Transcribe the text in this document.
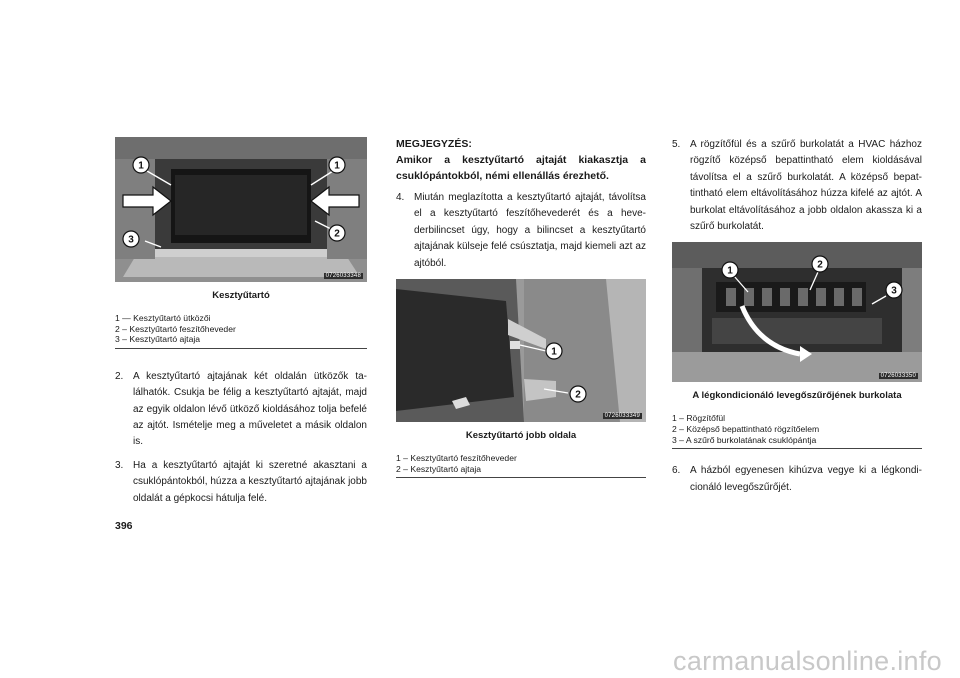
1	1
2
3
0726033348
Kesztyűtartó
1 — Kesztyűtartó ütközői
2 – Kesztyűtartó feszítőheveder
3 – Kesztyűtartó ajtaja

2. A kesztyűtartó ajtajának két oldalán ütközők találhatók. Csukja be félig a kesztyűtartó ajtaját, majd az egyik oldalon lévő ütköző kioldásához tolja befelé az ajtót. Ismételje meg a műveletet a másik oldalon is.

3. Ha a kesztyűtartó ajtaját ki szeretné akasztani a csuklópántokból, húzza a kesztyűtartó ajtajának jobb oldalát a gépkocsi hátulja felé.

396

MEGJEGYZÉS:

Amikor a kesztyűtartó ajtaját kiakasztja a csuklópántokból, némi ellenállás érezhető.

4. Miután meglazította a kesztyűtartó ajtaját, távolítsa el a kesztyűtartó feszítőhevederét és a hevederbilincset úgy, hogy a bilincset a kesztyűtartó ajtajának külseje felé csúsztatja, majd kiemeli azt az ajtóból.

1
2
0726033349
Kesztyűtartó jobb oldala
1 – Kesztyűtartó feszítőheveder
2 – Kesztyűtartó ajtaja

5. A rögzítőfül és a szűrő burkolatát a HVAC házhoz rögzítő középső bepattintható elem kioldásával távolítsa el a szűrő burkolatát. A középső bepattintható elem eltávolításához húzza kifelé az ajtót. A burkolat eltávolításához a jobb oldalon akassza ki a szűrő burkolatát.

1
2
3
0726033350
A légkondicionáló levegőszűrőjének burkolata
1 – Rögzítőfül
2 – Középső bepattintható rögzítőelem
3 – A szűrő burkolatának csuklópántja

6. A házból egyenesen kihúzva vegye ki a légkondicionáló levegőszűrőjét.

carmanualsonline.info
